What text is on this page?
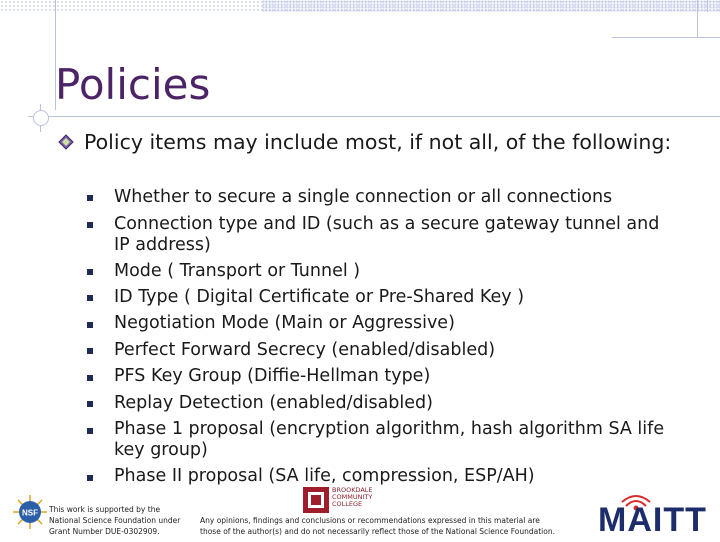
Policies
Policy items may include most, if not all, of the following:
Whether to secure a single connection or all connections
Connection type and ID (such as a secure gateway tunnel and IP address)
Mode ( Transport or Tunnel )
ID Type ( Digital Certificate or Pre-Shared Key )
Negotiation Mode (Main or Aggressive)
Perfect Forward Secrecy (enabled/disabled)
PFS Key Group (Diffie-Hellman type)
Replay Detection (enabled/disabled)
Phase 1 proposal (encryption algorithm, hash algorithm SA life key group)
Phase II proposal (SA life, compression, ESP/AH)
NSF This work is supported by the National Science Foundation under Grant Number DUE-0302909.
BROOKDALE COMMUNITY COLLEGE
Any opinions, findings and conclusions or recommendations expressed in this material are those of the author(s) and do not necessarily reflect those of the National Science Foundation. MAITT
